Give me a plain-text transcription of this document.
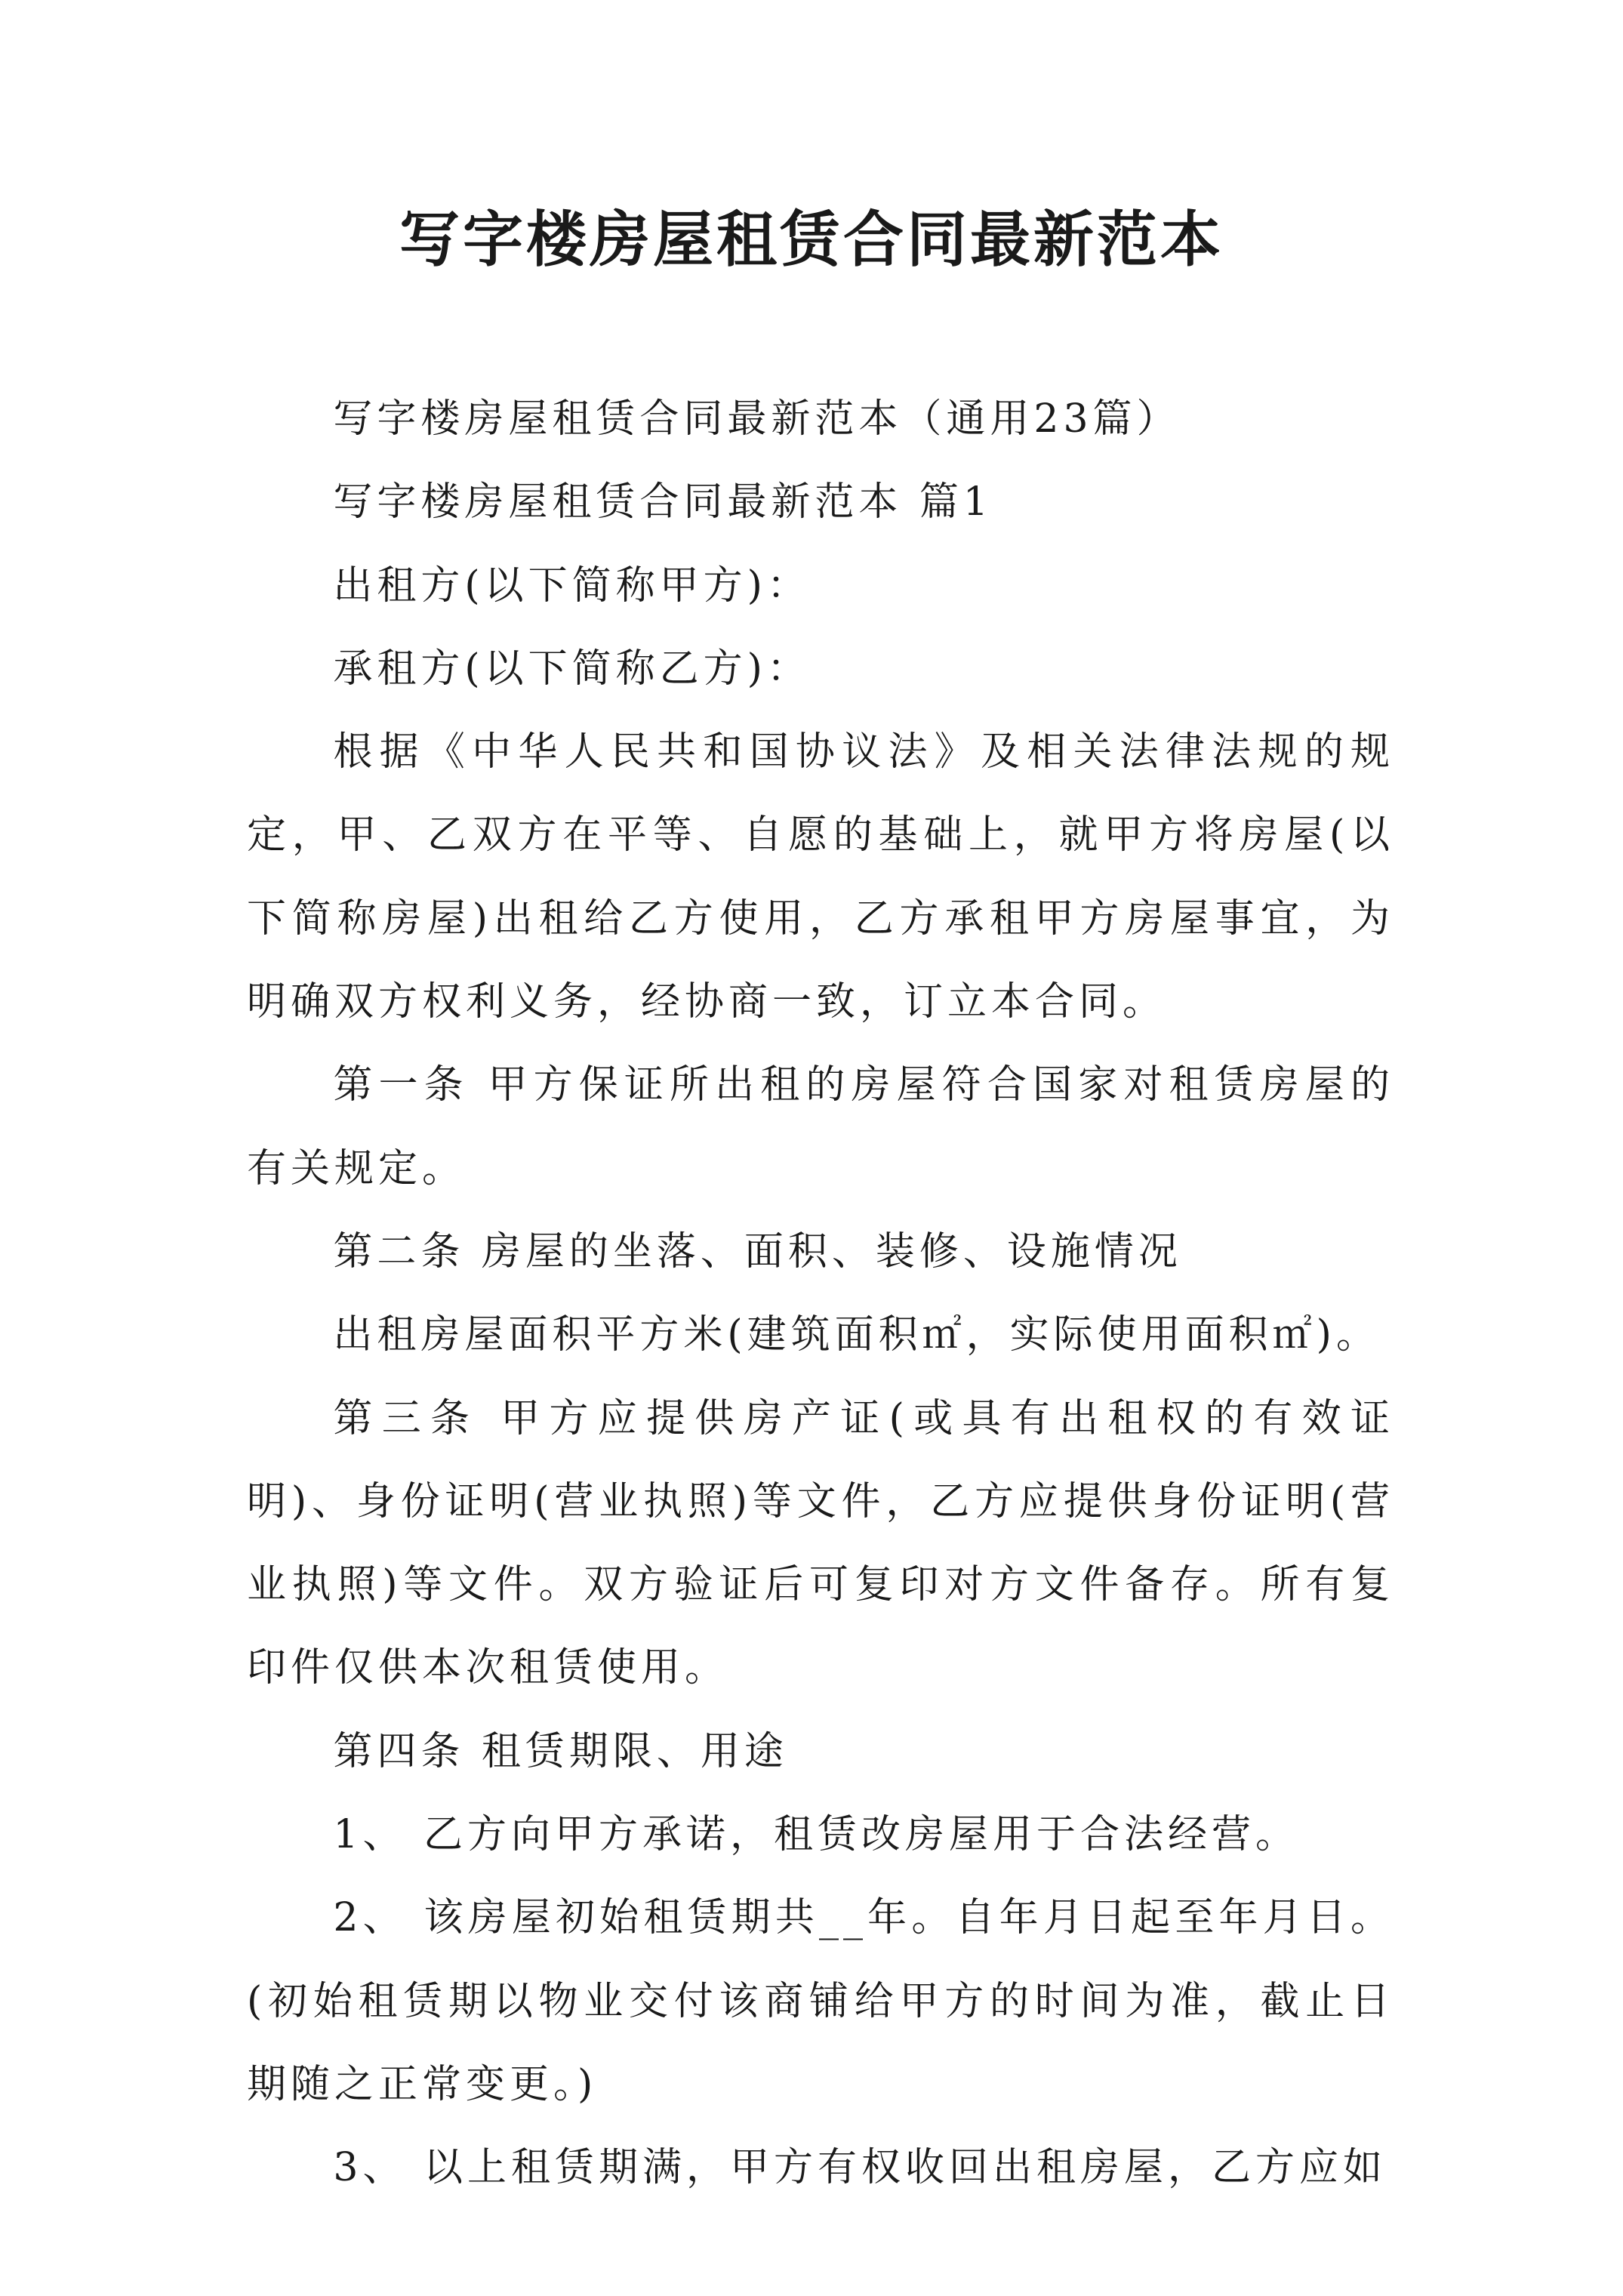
写字楼房屋租赁合同最新范本

写字楼房屋租赁合同最新范本（通用23篇）

写字楼房屋租赁合同最新范本 篇1

出租方(以下简称甲方)：

承租方(以下简称乙方)：

根据《中华人民共和国协议法》及相关法律法规的规定，甲、乙双方在平等、自愿的基础上，就甲方将房屋(以下简称房屋)出租给乙方使用，乙方承租甲方房屋事宜，为明确双方权利义务，经协商一致，订立本合同。

第一条 甲方保证所出租的房屋符合国家对租赁房屋的有关规定。

第二条 房屋的坐落、面积、装修、设施情况

出租房屋面积平方米(建筑面积㎡，实际使用面积㎡)。

第三条 甲方应提供房产证(或具有出租权的有效证明)、身份证明(营业执照)等文件，乙方应提供身份证明(营业执照)等文件。双方验证后可复印对方文件备存。所有复印件仅供本次租赁使用。

第四条 租赁期限、用途

1、 乙方向甲方承诺，租赁改房屋用于合法经营。

2、 该房屋初始租赁期共__年。自年月日起至年月日。(初始租赁期以物业交付该商铺给甲方的时间为准，截止日期随之正常变更。)

3、 以上租赁期满，甲方有权收回出租房屋，乙方应如
